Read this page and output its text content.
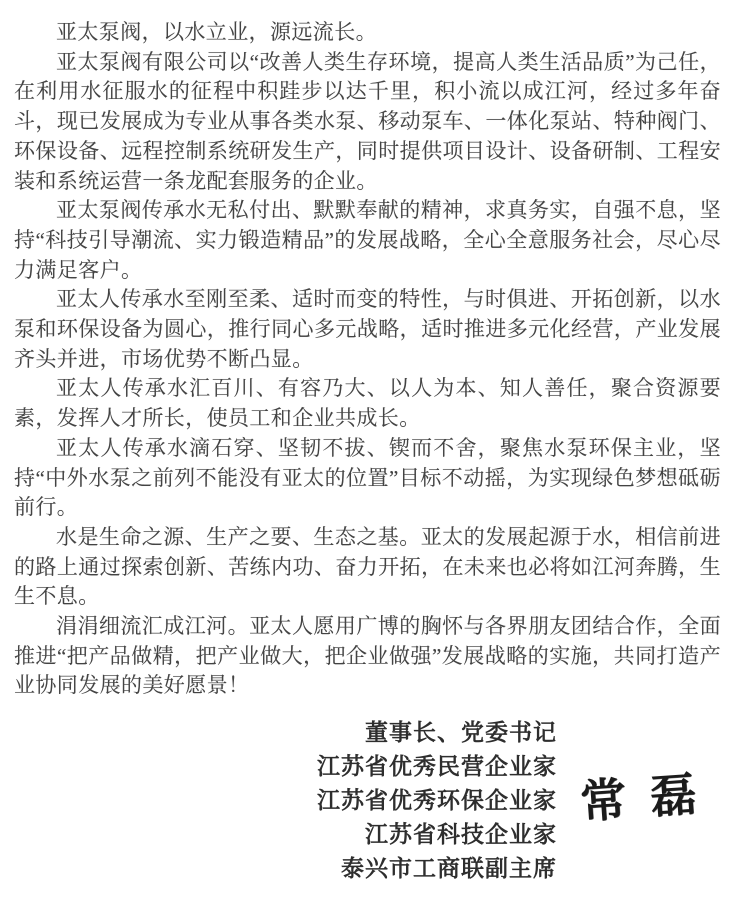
亚太泵阀，以水立业，源远流长。

亚太泵阀有限公司以“改善人类生存环境，提高人类生活品质”为己任，在利用水征服水的征程中积跬步以达千里，积小流以成江河，经过多年奋斗，现已发展成为专业从事各类水泵、移动泵车、一体化泵站、特种阀门、环保设备、远程控制系统研发生产，同时提供项目设计、设备研制、工程安装和系统运营一条龙配套服务的企业。

亚太泵阀传承水无私付出、默默奉献的精神，求真务实，自强不息，坚持“科技引导潮流、实力锻造精品”的发展战略，全心全意服务社会，尽心尽力满足客户。

亚太人传承水至刚至柔、适时而变的特性，与时俱进、开拓创新，以水泵和环保设备为圆心，推行同心多元战略，适时推进多元化经营，产业发展齐头并进，市场优势不断凸显。

亚太人传承水汇百川、有容乃大、以人为本、知人善任，聚合资源要素，发挥人才所长，使员工和企业共成长。

亚太人传承水滴石穿、坚韧不拔、锲而不舍，聚焦水泵环保主业，坚持“中外水泵之前列不能没有亚太的位置”目标不动摇，为实现绿色梦想砥砺前行。

水是生命之源、生产之要、生态之基。亚太的发展起源于水，相信前进的路上通过探索创新、苦练内功、奋力开拓，在未来也必将如江河奔腾，生生不息。

涓涓细流汇成江河。亚太人愿用广博的胸怀与各界朋友团结合作，全面推进“把产品做精，把产业做大，把企业做强”发展战略的实施，共同打造产业协同发展的美好愿景！

董事长、党委书记
江苏省优秀民营企业家
江苏省优秀环保企业家
江苏省科技企业家
泰兴市工商联副主席
常磊
